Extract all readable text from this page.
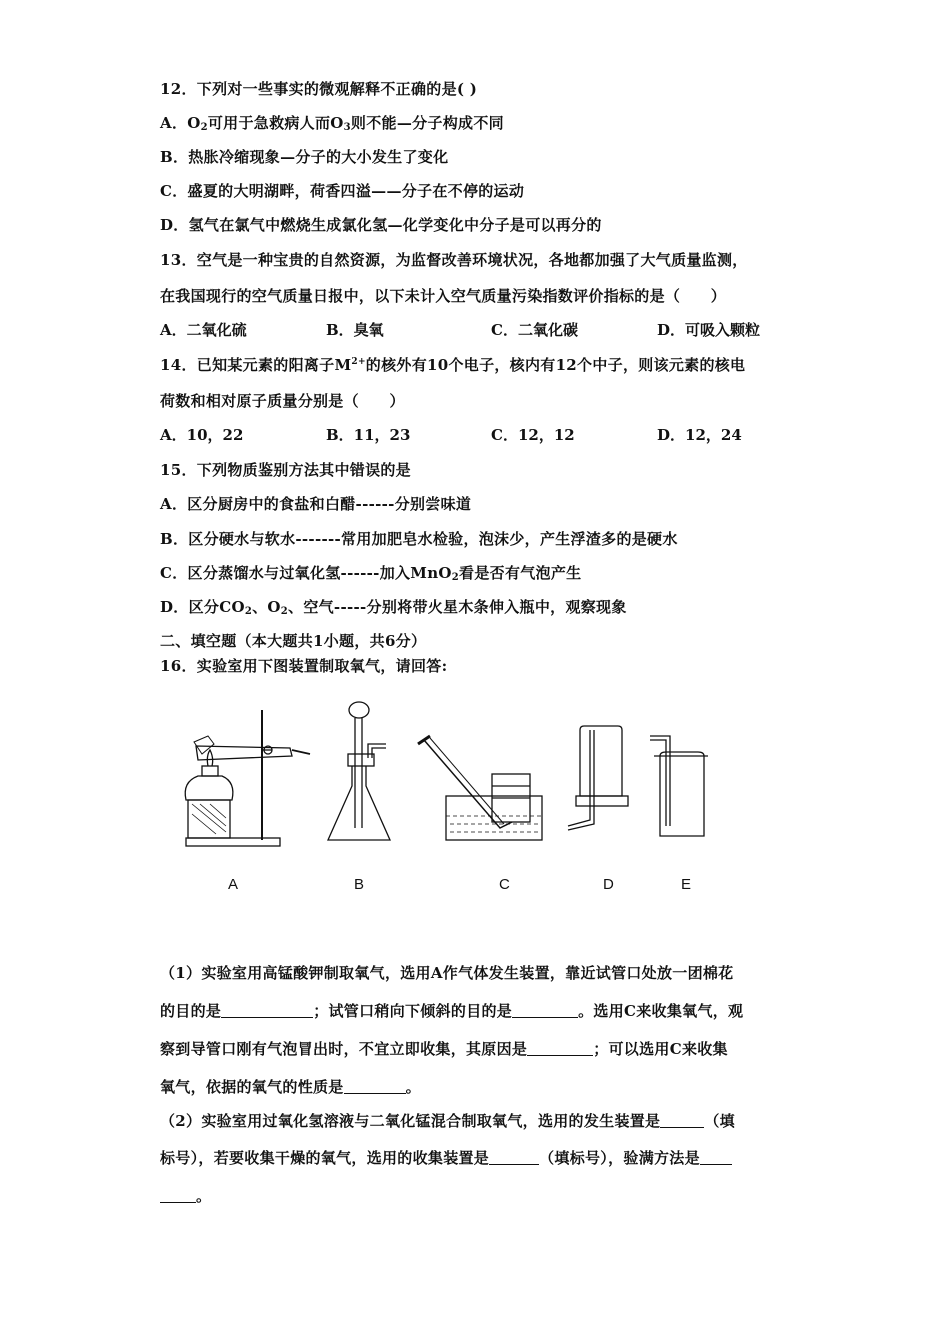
12．下列对一些事实的微观解释不正确的是( )
A．$O_2$可用于急救病人而$O_3$则不能—分子构成不同
B．热胀冷缩现象—分子的大小发生了变化
C．盛夏的大明湖畔，荷香四溢——分子在不停的运动
D．氢气在氯气中燃烧生成氯化氢—化学变化中分子是可以再分的
13．空气是一种宝贵的自然资源，为监督改善环境状况，各地都加强了大气质量监测，
在我国现行的空气质量日报中，以下未计入空气质量污染指数评价指标的是（　　）
A．二氧化硫	B．臭氧	C．二氧化碳	D．可吸入颗粒
14．已知某元素的阳离子$M^{2+}$的核外有10个电子，核内有12个中子，则该元素的核电
荷数和相对原子质量分别是（　　）
A．10，22	B．11，23	C．12，12	D．12，24
15．下列物质鉴别方法其中错误的是
A．区分厨房中的食盐和白醋------分别尝味道
B．区分硬水与软水-------常用加肥皂水检验，泡沫少，产生浮渣多的是硬水
C．区分蒸馏水与过氧化氢------加入MnO$_2$看是否有气泡产生
D．区分$CO_2$、$O_2$、空气-----分别将带火星木条伸入瓶中，观察现象
二、填空题（本大题共1小题，共6分）
16．实验室用下图装置制取氧气，请回答:
A	B	C	D	E
（1）实验室用高锰酸钾制取氧气，选用A作气体发生装置，靠近试管口处放一团棉花
的目的是	；试管口稍向下倾斜的目的是	。选用C来收集氧气，观
察到导管口刚有气泡冒出时，不宜立即收集，其原因是	；可以选用C来收集
氧气，依据的氧气的性质是	。
（2）实验室用过氧化氢溶液与二氧化锰混合制取氧气，选用的发生装置是	（填
标号），若要收集干燥的氧气，选用的收集装置是	（填标号），验满方法是
。
